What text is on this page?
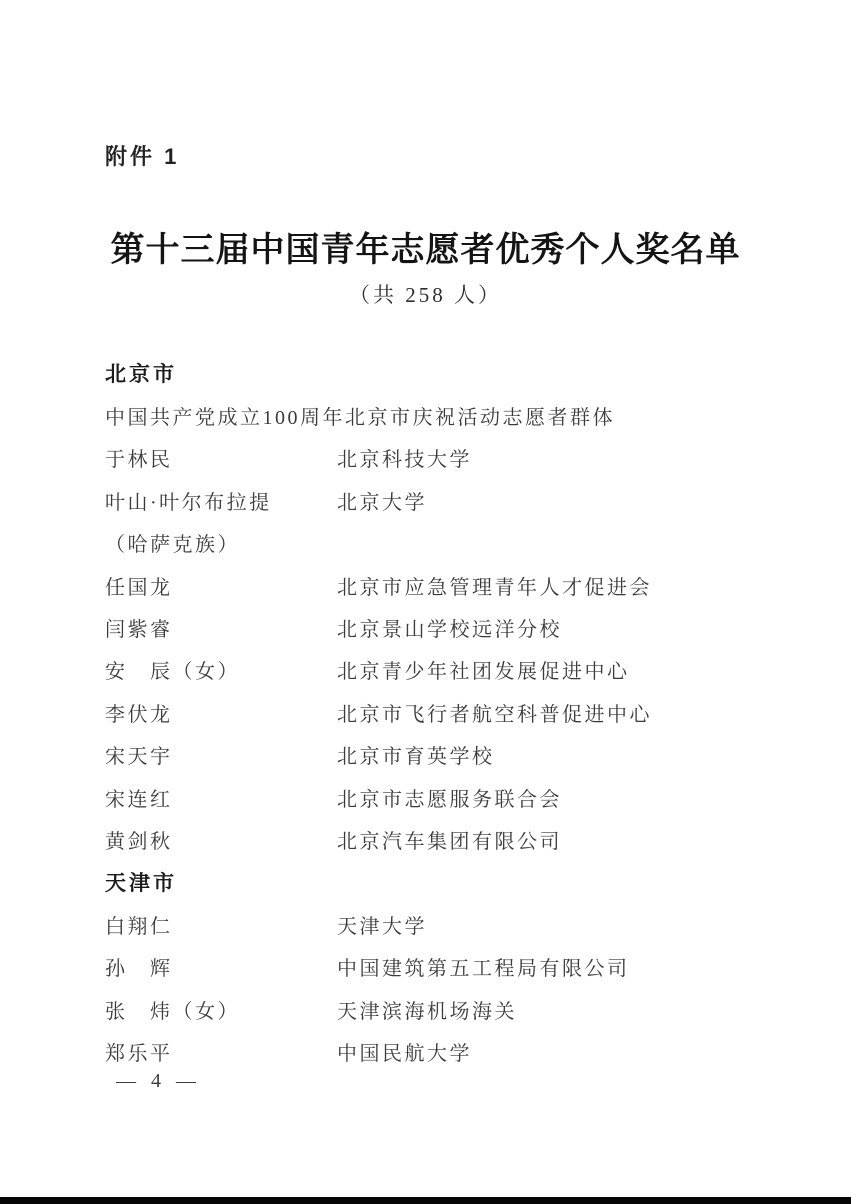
附件 1
第十三届中国青年志愿者优秀个人奖名单
（共 258 人）
北京市
中国共产党成立100周年北京市庆祝活动志愿者群体
于林民	北京科技大学
叶山·叶尔布拉提	北京大学
（哈萨克族）
任国龙	北京市应急管理青年人才促进会
闫紫睿	北京景山学校远洋分校
安　辰（女）	北京青少年社团发展促进中心
李伏龙	北京市飞行者航空科普促进中心
宋天宇	北京市育英学校
宋连红	北京市志愿服务联合会
黄剑秋	北京汽车集团有限公司
天津市
白翔仁	天津大学
孙　辉	中国建筑第五工程局有限公司
张　炜（女）	天津滨海机场海关
郑乐平	中国民航大学
— 4 —
